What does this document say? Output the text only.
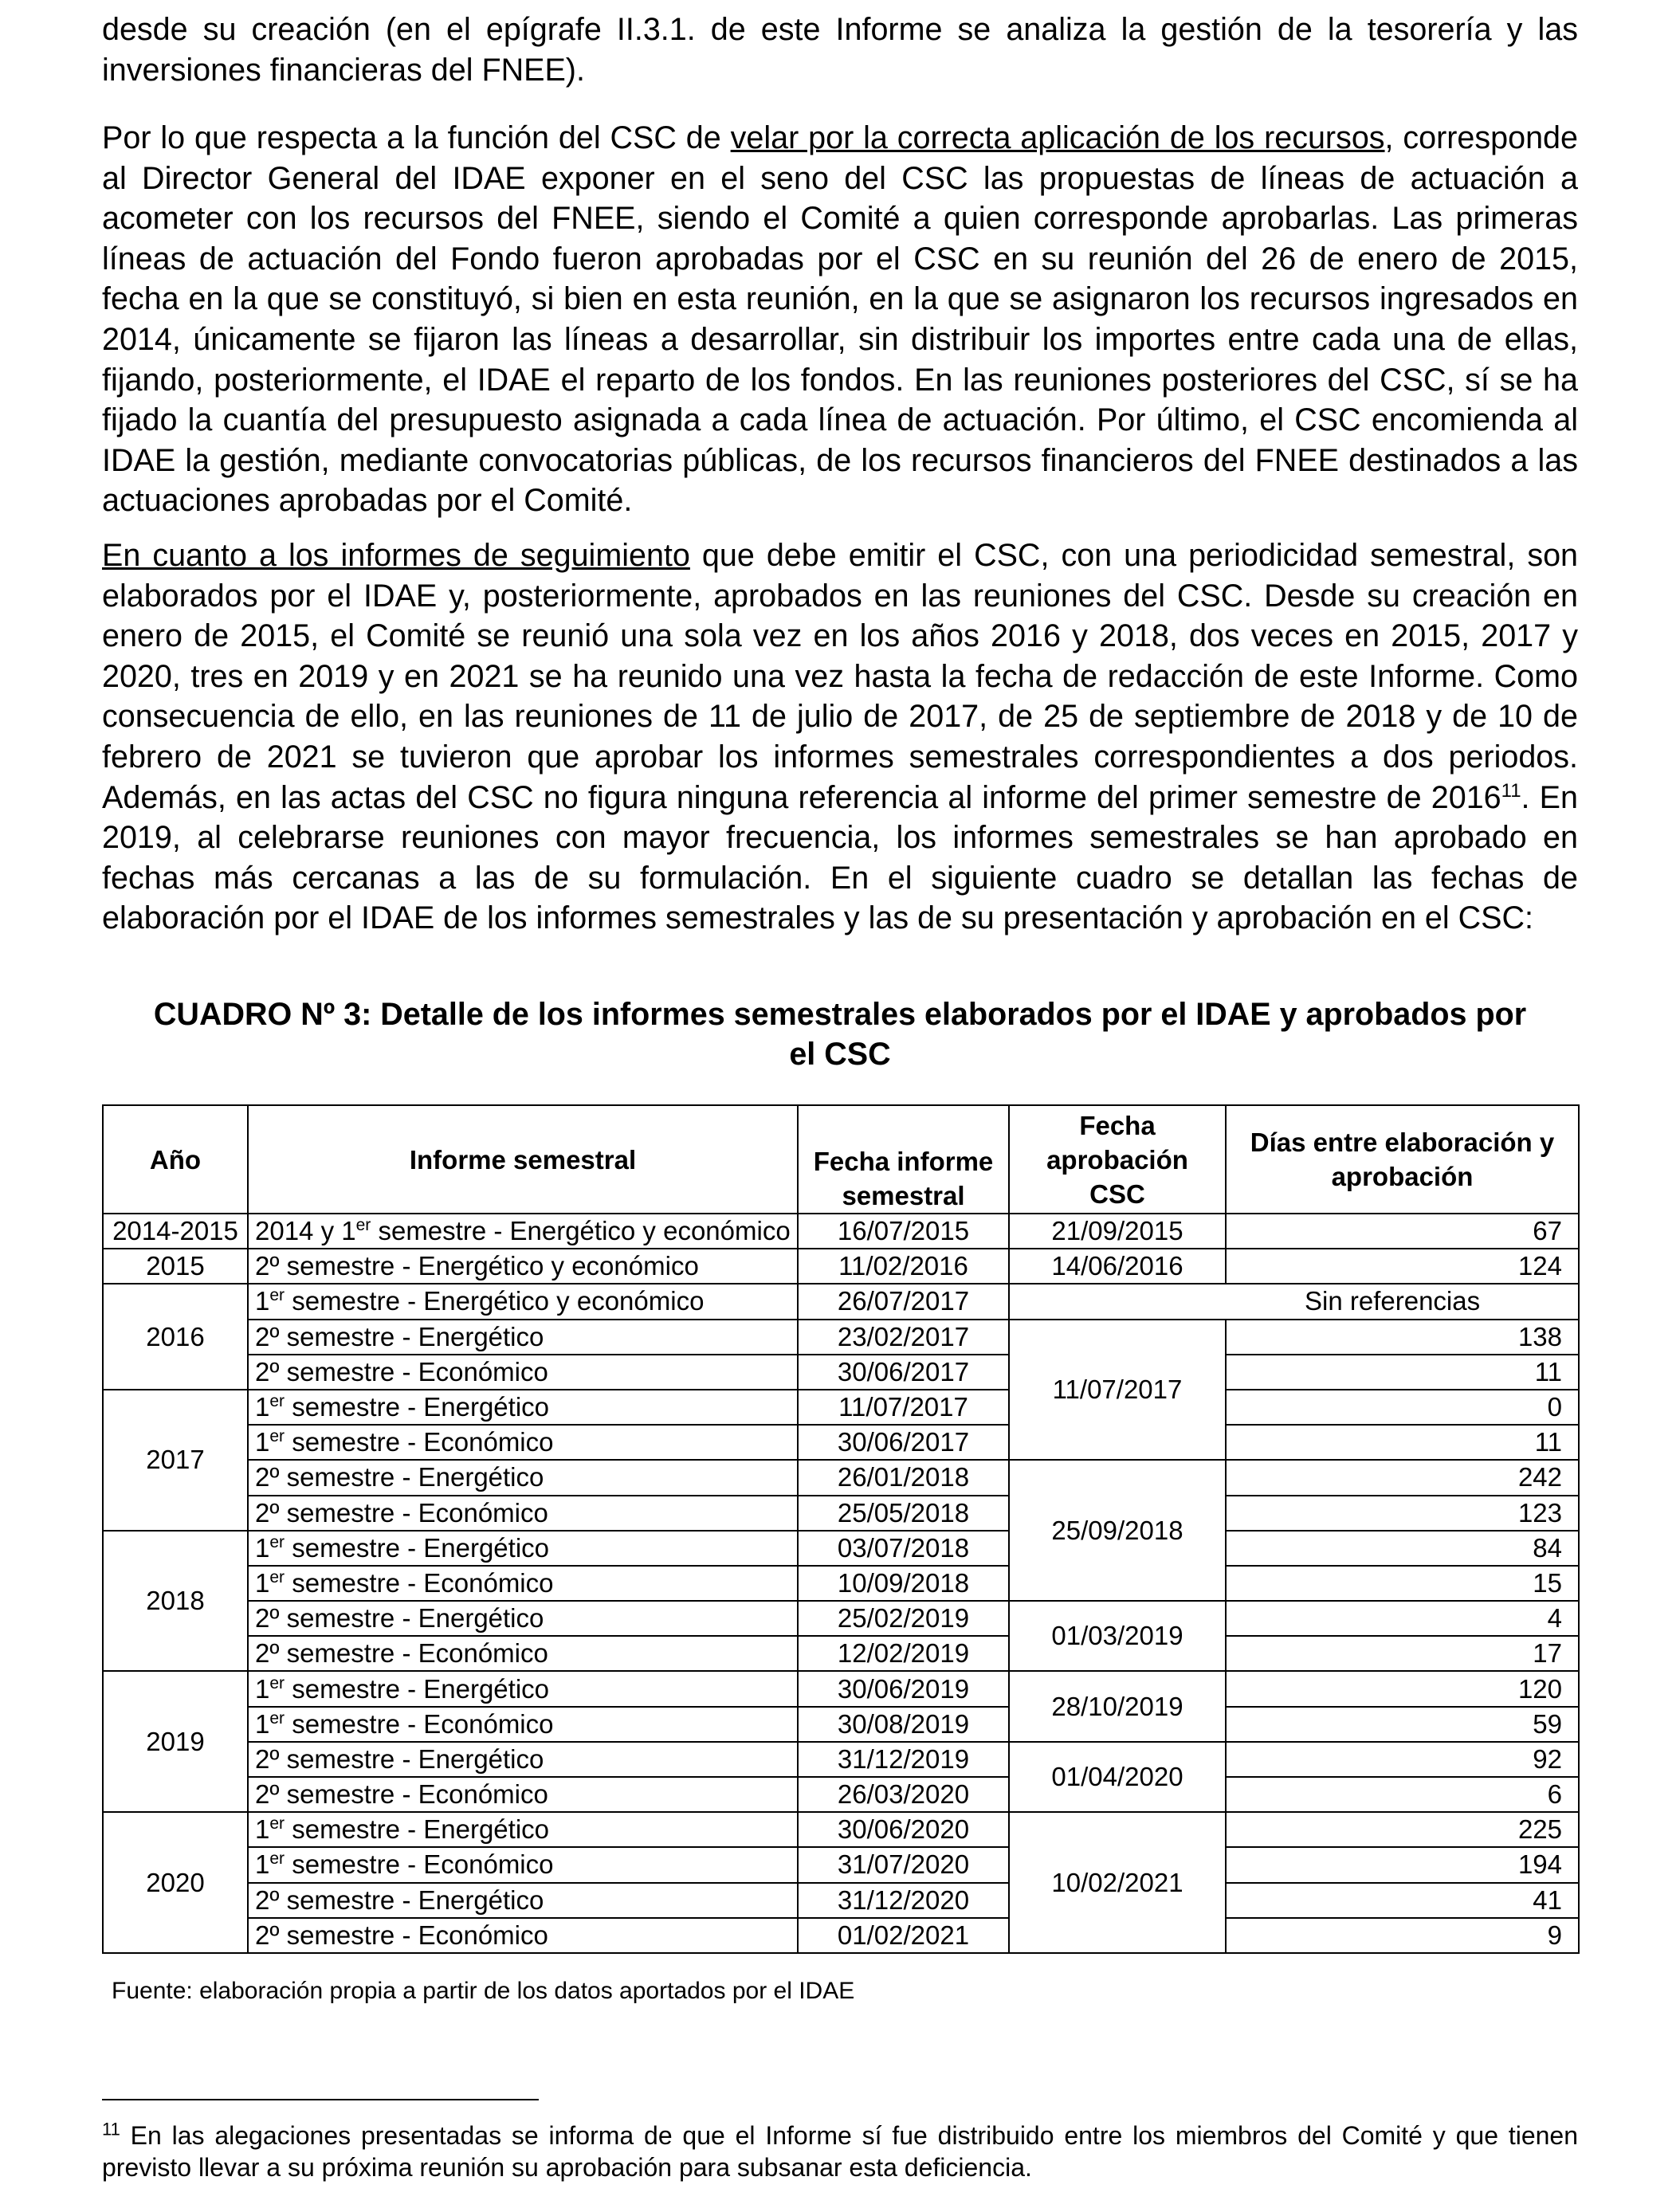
desde su creación (en el epígrafe II.3.1. de este Informe se analiza la gestión de la tesorería y las inversiones financieras del FNEE).

Por lo que respecta a la función del CSC de velar por la correcta aplicación de los recursos, corresponde al Director General del IDAE exponer en el seno del CSC las propuestas de líneas de actuación a acometer con los recursos del FNEE, siendo el Comité a quien corresponde aprobarlas. Las primeras líneas de actuación del Fondo fueron aprobadas por el CSC en su reunión del 26 de enero de 2015, fecha en la que se constituyó, si bien en esta reunión, en la que se asignaron los recursos ingresados en 2014, únicamente se fijaron las líneas a desarrollar, sin distribuir los importes entre cada una de ellas, fijando, posteriormente, el IDAE el reparto de los fondos. En las reuniones posteriores del CSC, sí se ha fijado la cuantía del presupuesto asignada a cada línea de actuación. Por último, el CSC encomienda al IDAE la gestión, mediante convocatorias públicas, de los recursos financieros del FNEE destinados a las actuaciones aprobadas por el Comité.

En cuanto a los informes de seguimiento que debe emitir el CSC, con una periodicidad semestral, son elaborados por el IDAE y, posteriormente, aprobados en las reuniones del CSC. Desde su creación en enero de 2015, el Comité se reunió una sola vez en los años 2016 y 2018, dos veces en 2015, 2017 y 2020, tres en 2019 y en 2021 se ha reunido una vez hasta la fecha de redacción de este Informe. Como consecuencia de ello, en las reuniones de 11 de julio de 2017, de 25 de septiembre de 2018 y de 10 de febrero de 2021 se tuvieron que aprobar los informes semestrales correspondientes a dos periodos. Además, en las actas del CSC no figura ninguna referencia al informe del primer semestre de 2016$^{11}$. En 2019, al celebrarse reuniones con mayor frecuencia, los informes semestrales se han aprobado en fechas más cercanas a las de su formulación. En el siguiente cuadro se detallan las fechas de elaboración por el IDAE de los informes semestrales y las de su presentación y aprobación en el CSC:

CUADRO Nº 3: Detalle de los informes semestrales elaborados por el IDAE y aprobados por
el CSC

Año	Informe semestral	Fecha informe semestral	Fecha aprobación CSC	Días entre elaboración y aprobación
2014-2015	2014 y 1er semestre - Energético y económico	16/07/2015	21/09/2015	67
2015	2º semestre - Energético y económico	11/02/2016	14/06/2016	124
2016	1er semestre - Energético y económico	26/07/2017	Sin referencias	
	2º semestre - Energético	23/02/2017	11/07/2017	138
	2º semestre - Económico	30/06/2017		11
2017	1er semestre - Energético	11/07/2017		0
	1er semestre - Económico	30/06/2017		11
	2º semestre - Energético	26/01/2018	25/09/2018	242
	2º semestre - Económico	25/05/2018		123
2018	1er semestre - Energético	03/07/2018		84
	1er semestre - Económico	10/09/2018		15
	2º semestre - Energético	25/02/2019	01/03/2019	4
	2º semestre - Económico	12/02/2019		17
2019	1er semestre - Energético	30/06/2019	28/10/2019	120
	1er semestre - Económico	30/08/2019		59
	2º semestre - Energético	31/12/2019	01/04/2020	92
	2º semestre - Económico	26/03/2020		6
2020	1er semestre - Energético	30/06/2020	10/02/2021	225
	1er semestre - Económico	31/07/2020		194
	2º semestre - Energético	31/12/2020		41
	2º semestre - Económico	01/02/2021		9

Fuente: elaboración propia a partir de los datos aportados por el IDAE

$^{11}$ En las alegaciones presentadas se informa de que el Informe sí fue distribuido entre los miembros del Comité y que tienen previsto llevar a su próxima reunión su aprobación para subsanar esta deficiencia.
